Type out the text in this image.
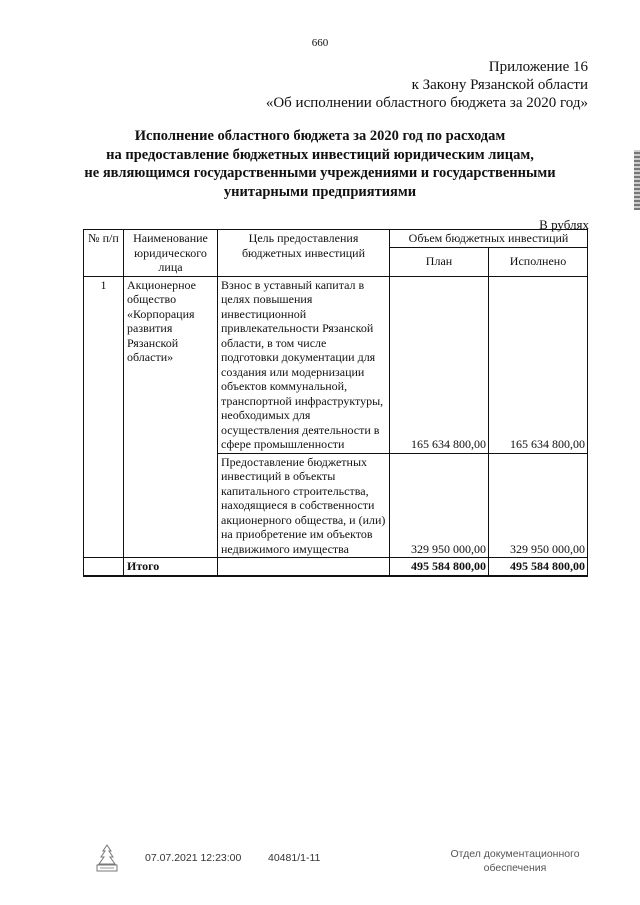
660
Приложение 16
к Закону Рязанской области
«Об исполнении областного бюджета за 2020 год»
Исполнение областного бюджета за 2020 год по расходам
на предоставление бюджетных инвестиций юридическим лицам,
не являющимся государственными учреждениями и государственными
унитарными предприятиями
В рублях
№ п/п	Наименование юридического лица	Цель предоставления бюджетных инвестиций	Объем бюджетных инвестиций	
			План	Исполнено
1	Акционерное общество «Корпорация развития Рязанской области»	Взнос в уставный капитал в целях повышения инвестиционной привлекательности Рязанской области, в том числе подготовки документации для создания или модернизации объектов коммунальной, транспортной инфраструктуры, необходимых для осуществления деятельности в сфере промышленности	165 634 800,00	165 634 800,00
		Предоставление бюджетных инвестиций в объекты капитального строительства, находящиеся в собственности акционерного общества, и (или) на приобретение им объектов недвижимого имущества	329 950 000,00	329 950 000,00
	Итого		495 584 800,00	495 584 800,00
07.07.2021 12:23:00	40481/1-11	Отдел документационного
обеспечения
